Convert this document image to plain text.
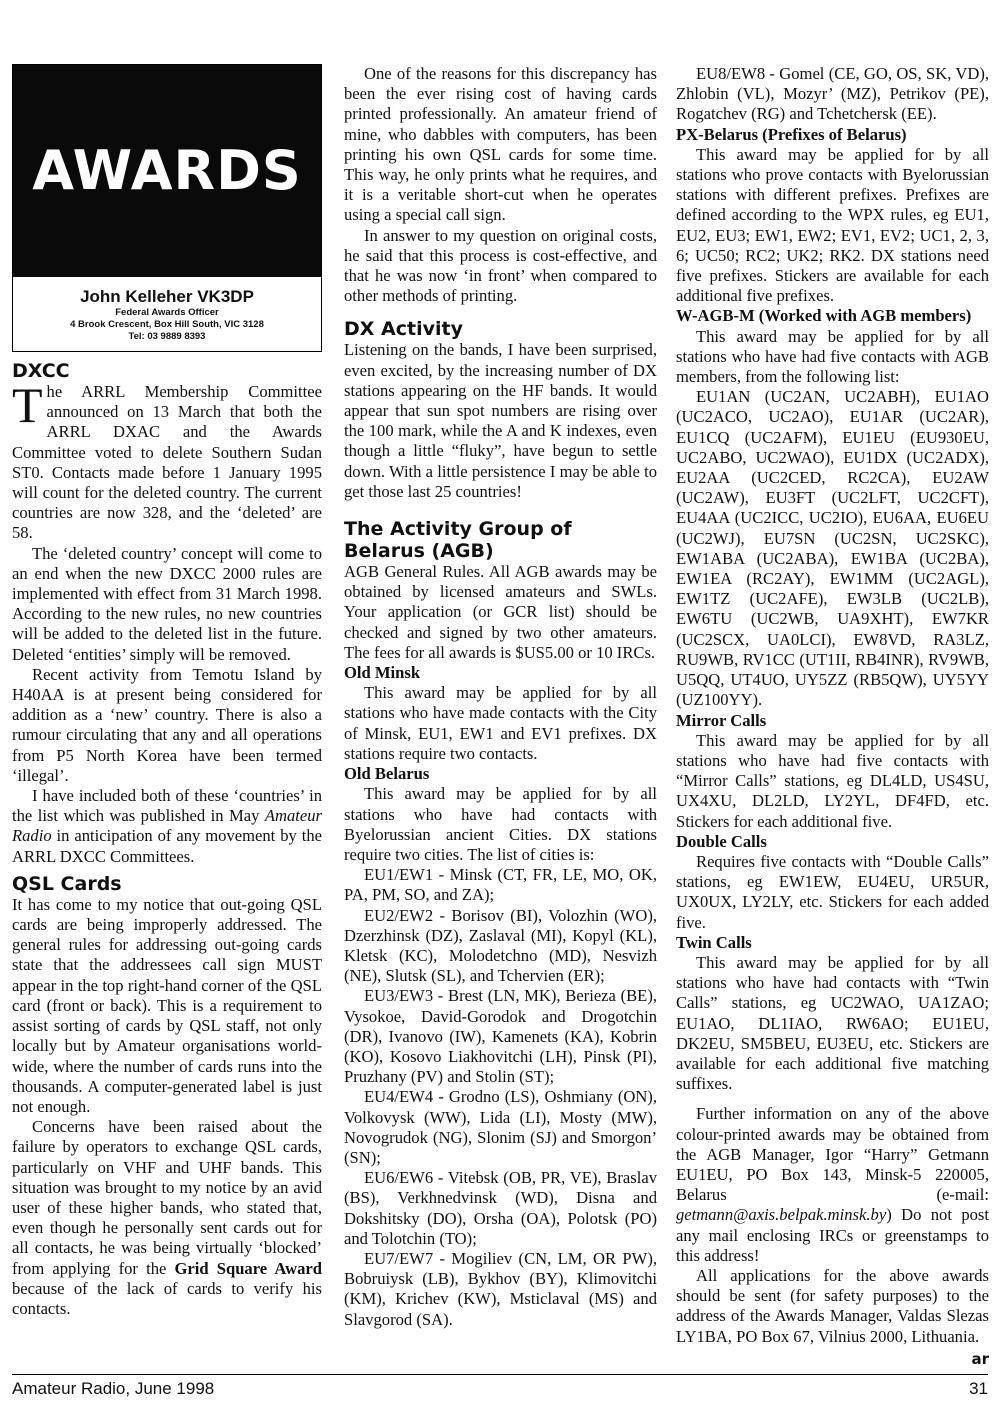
AWARDS
John Kelleher VK3DP
Federal Awards Officer
4 Brook Crescent, Box Hill South, VIC 3128
Tel: 03 9889 8393
DXCC

The ARRL Membership Committee announced on 13 March that both the ARRL DXAC and the Awards Committee voted to delete Southern Sudan ST0. Contacts made before 1 January 1995 will count for the deleted country. The current countries are now 328, and the ‘deleted’ are 58.

The ‘deleted country’ concept will come to an end when the new DXCC 2000 rules are implemented with effect from 31 March 1998. According to the new rules, no new countries will be added to the deleted list in the future. Deleted ‘entities’ simply will be removed.

Recent activity from Temotu Island by H40AA is at present being considered for addition as a ‘new’ country. There is also a rumour circulating that any and all operations from P5 North Korea have been termed ‘illegal’.

I have included both of these ‘countries’ in the list which was published in May Amateur Radio in anticipation of any movement by the ARRL DXCC Committees.

QSL Cards

It has come to my notice that out-going QSL cards are being improperly addressed. The general rules for addressing out-going cards state that the addressees call sign MUST appear in the top right-hand corner of the QSL card (front or back). This is a requirement to assist sorting of cards by QSL staff, not only locally but by Amateur organisations world-wide, where the number of cards runs into the thousands. A computer-generated label is just not enough.

Concerns have been raised about the failure by operators to exchange QSL cards, particularly on VHF and UHF bands. This situation was brought to my notice by an avid user of these higher bands, who stated that, even though he personally sent cards out for all contacts, he was being virtually ‘blocked’ from applying for the Grid Square Award because of the lack of cards to verify his contacts.

One of the reasons for this discrepancy has been the ever rising cost of having cards printed professionally. An amateur friend of mine, who dabbles with computers, has been printing his own QSL cards for some time. This way, he only prints what he requires, and it is a veritable short-cut when he operates using a special call sign.

In answer to my question on original costs, he said that this process is cost-effective, and that he was now ‘in front’ when compared to other methods of printing.

DX Activity

Listening on the bands, I have been surprised, even excited, by the increasing number of DX stations appearing on the HF bands. It would appear that sun spot numbers are rising over the 100 mark, while the A and K indexes, even though a little “fluky”, have begun to settle down. With a little persistence I may be able to get those last 25 countries!

The Activity Group of Belarus (AGB)

AGB General Rules. All AGB awards may be obtained by licensed amateurs and SWLs. Your application (or GCR list) should be checked and signed by two other amateurs. The fees for all awards is $US5.00 or 10 IRCs.

Old Minsk

This award may be applied for by all stations who have made contacts with the City of Minsk, EU1, EW1 and EV1 prefixes. DX stations require two contacts.

Old Belarus

This award may be applied for by all stations who have had contacts with Byelorussian ancient Cities. DX stations require two cities. The list of cities is:

EU1/EW1 - Minsk (CT, FR, LE, MO, OK, PA, PM, SO, and ZA);

EU2/EW2 - Borisov (BI), Volozhin (WO), Dzerzhinsk (DZ), Zaslaval (MI), Kopyl (KL), Kletsk (KC), Molodetchno (MD), Nesvizh (NE), Slutsk (SL), and Tchervien (ER);

EU3/EW3 - Brest (LN, MK), Berieza (BE), Vysokoe, David-Gorodok and Drogotchin (DR), Ivanovo (IW), Kamenets (KA), Kobrin (KO), Kosovo Liakhovitchi (LH), Pinsk (PI), Pruzhany (PV) and Stolin (ST);

EU4/EW4 - Grodno (LS), Oshmiany (ON), Volkovysk (WW), Lida (LI), Mosty (MW), Novogrudok (NG), Slonim (SJ) and Smorgon’ (SN);

EU6/EW6 - Vitebsk (OB, PR, VE), Braslav (BS), Verkhnedvinsk (WD), Disna and Dokshitsky (DO), Orsha (OA), Polotsk (PO) and Tolotchin (TO);

EU7/EW7 - Mogiliev (CN, LM, OR PW), Bobruiysk (LB), Bykhov (BY), Klimovitchi (KM), Krichev (KW), Msticlaval (MS) and Slavgorod (SA).

EU8/EW8 - Gomel (CE, GO, OS, SK, VD), Zhlobin (VL), Mozyr’ (MZ), Petrikov (PE), Rogatchev (RG) and Tchetchersk (EE).

PX-Belarus (Prefixes of Belarus)

This award may be applied for by all stations who prove contacts with Byelorussian stations with different prefixes. Prefixes are defined according to the WPX rules, eg EU1, EU2, EU3; EW1, EW2; EV1, EV2; UC1, 2, 3, 6; UC50; RC2; UK2; RK2. DX stations need five prefixes. Stickers are available for each additional five prefixes.

W-AGB-M (Worked with AGB members)

This award may be applied for by all stations who have had five contacts with AGB members, from the following list:

EU1AN (UC2AN, UC2ABH), EU1AO (UC2ACO, UC2AO), EU1AR (UC2AR), EU1CQ (UC2AFM), EU1EU (EU930EU, UC2ABO, UC2WAO), EU1DX (UC2ADX), EU2AA (UC2CED, RC2CA), EU2AW (UC2AW), EU3FT (UC2LFT, UC2CFT), EU4AA (UC2ICC, UC2IO), EU6AA, EU6EU (UC2WJ), EU7SN (UC2SN, UC2SKC), EW1ABA (UC2ABA), EW1BA (UC2BA), EW1EA (RC2AY), EW1MM (UC2AGL), EW1TZ (UC2AFE), EW3LB (UC2LB), EW6TU (UC2WB, UA9XHT), EW7KR (UC2SCX, UA0LCI), EW8VD, RA3LZ, RU9WB, RV1CC (UT1II, RB4INR), RV9WB, U5QQ, UT4UO, UY5ZZ (RB5QW), UY5YY (UZ100YY).

Mirror Calls

This award may be applied for by all stations who have had five contacts with “Mirror Calls” stations, eg DL4LD, US4SU, UX4XU, DL2LD, LY2YL, DF4FD, etc. Stickers for each additional five.

Double Calls

Requires five contacts with “Double Calls” stations, eg EW1EW, EU4EU, UR5UR, UX0UX, LY2LY, etc. Stickers for each added five.

Twin Calls

This award may be applied for by all stations who have had contacts with “Twin Calls” stations, eg UC2WAO, UA1ZAO; EU1AO, DL1IAO, RW6AO; EU1EU, DK2EU, SM5BEU, EU3EU, etc. Stickers are available for each additional five matching suffixes.

Further information on any of the above colour-printed awards may be obtained from the AGB Manager, Igor “Harry” Getmann EU1EU, PO Box 143, Minsk-5 220005, Belarus (e-mail: getmann@axis.belpak.minsk.by) Do not post any mail enclosing IRCs or greenstamps to this address!

All applications for the above awards should be sent (for safety purposes) to the address of the Awards Manager, Valdas Slezas LY1BA, PO Box 67, Vilnius 2000, Lithuania.

ar
Amateur Radio, June 1998	31
